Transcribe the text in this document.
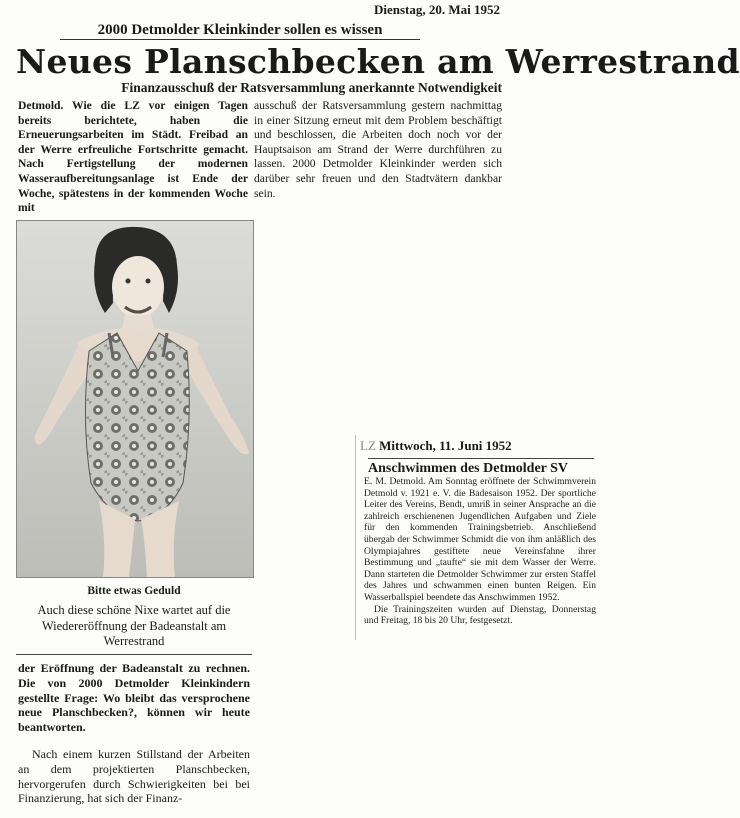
Dienstag, 20. Mai 1952
2000 Detmolder Kleinkinder sollen es wissen
Neues Planschbecken am Werrestrand
Finanzausschuß der Ratsversammlung anerkannte Notwendigkeit

Detmold. Wie die LZ vor einigen Tagen bereits berichtete, haben die Erneuerungsarbeiten im Städt. Freibad an der Werre erfreuliche Fortschritte gemacht. Nach Fertigstellung der modernen Wasseraufbereitungsanlage ist Ende der Woche, spätestens in der kommenden Woche mit

ausschuß der Ratsversammlung gestern nachmittag in einer Sitzung erneut mit dem Problem beschäftigt und beschlossen, die Arbeiten doch noch vor der Hauptsaison am Strand der Werre durchführen zu lassen. 2000 Detmolder Kleinkinder werden sich darüber sehr freuen und den Stadtvätern dankbar sein.

Bitte etwas Geduld
Auch diese schöne Nixe wartet auf die Wiedereröffnung der Badeanstalt am Werrestrand

der Eröffnung der Badeanstalt zu rechnen. Die von 2000 Detmolder Kleinkindern gestellte Frage: Wo bleibt das versprochene neue Planschbecken?, können wir heute beantworten.

Nach einem kurzen Stillstand der Arbeiten an dem projektierten Planschbecken, hervorgerufen durch Schwierigkeiten bei bei Finanzierung, hat sich der Finanz-

LZ Mittwoch, 11. Juni 1952
Anschwimmen des Detmolder SV

E. M. Detmold. Am Sonntag eröffnete der Schwimmverein Detmold v. 1921 e. V. die Badesaison 1952. Der sportliche Leiter des Vereins, Bendt, umriß in seiner Ansprache an die zahlreich erschienenen Jugendlichen Aufgaben und Ziele für den kommenden Trainingsbetrieb. Anschließend übergab der Schwimmer Schmidt die von ihm anläßlich des Olympiajahres gestiftete neue Vereinsfahne ihrer Bestimmung und „taufte“ sie mit dem Wasser der Werre. Dann starteten die Detmolder Schwimmer zur ersten Staffel des Jahres und schwammen einen bunten Reigen. Ein Wasserballspiel beendete das Anschwimmen 1952.

Die Trainingszeiten wurden auf Dienstag, Donnerstag und Freitag, 18 bis 20 Uhr, festgesetzt.
